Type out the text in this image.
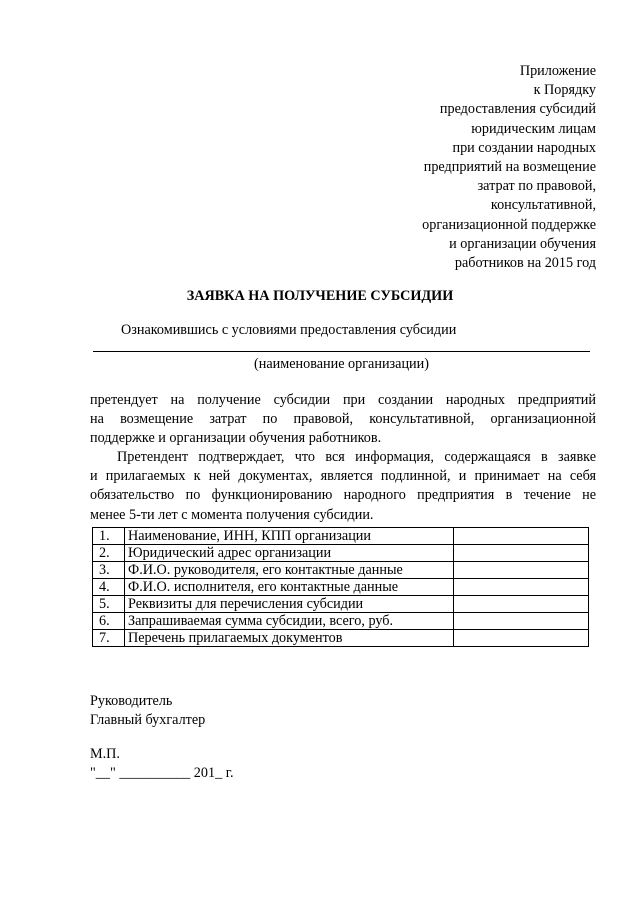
Приложение
к Порядку
предоставления субсидий
юридическим лицам
при создании народных
предприятий на возмещение
затрат по правовой,
консультативной,
организационной поддержке
и организации обучения
работников на 2015 год
ЗАЯВКА НА ПОЛУЧЕНИЕ СУБСИДИИ
Ознакомившись с условиями предоставления субсидии
(наименование организации)
претендует на получение субсидии при создании народных предприятий
на возмещение затрат по правовой, консультативной, организационной
поддержке и организации обучения работников.
Претендент подтверждает, что вся информация, содержащаяся в заявке
и прилагаемых к ней документах, является подлинной, и принимает на себя
обязательство по функционированию народного предприятия в течение не
менее 5-ти лет с момента получения субсидии.
1.	Наименование, ИНН, КПП организации	
2.	Юридический адрес организации	
3.	Ф.И.О. руководителя, его контактные данные	
4.	Ф.И.О. исполнителя, его контактные данные	
5.	Реквизиты для перечисления субсидии	
6.	Запрашиваемая сумма субсидии, всего, руб.	
7.	Перечень прилагаемых документов	
Руководитель
Главный бухгалтер
М.П.
"__" __________ 201_ г.
